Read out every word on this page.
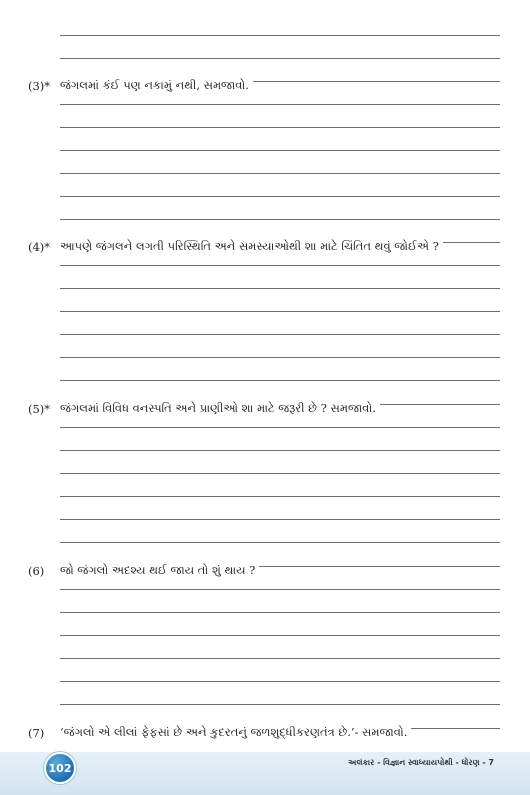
(3)* જંગલમાં કંઈ પણ નકામું નથી, સમજાવો.
(4)* આપણે જંગલને લગતી પરિસ્થિતિ અને સમસ્યાઓથી શા માટે ચિંતિત થવું જોઈએ ?
(5)* જંગલમાં વિવિધ વનસ્પતિ અને પ્રાણીઓ શા માટે જરૂરી છે ? સમજાવો.
(6)	જો જંગલો અદશ્ય થઈ જાય તો શું થાય ?
(7)	‘જંગલો એ લીલાં ફેફસાં છે અને કુદરતનું જળશુદ્ધીકરણતંત્ર છે.’- સમજાવો.
102	અલંકાર - વિજ્ઞાન સ્વાધ્યાયપોથી - ધોરણ - 7
